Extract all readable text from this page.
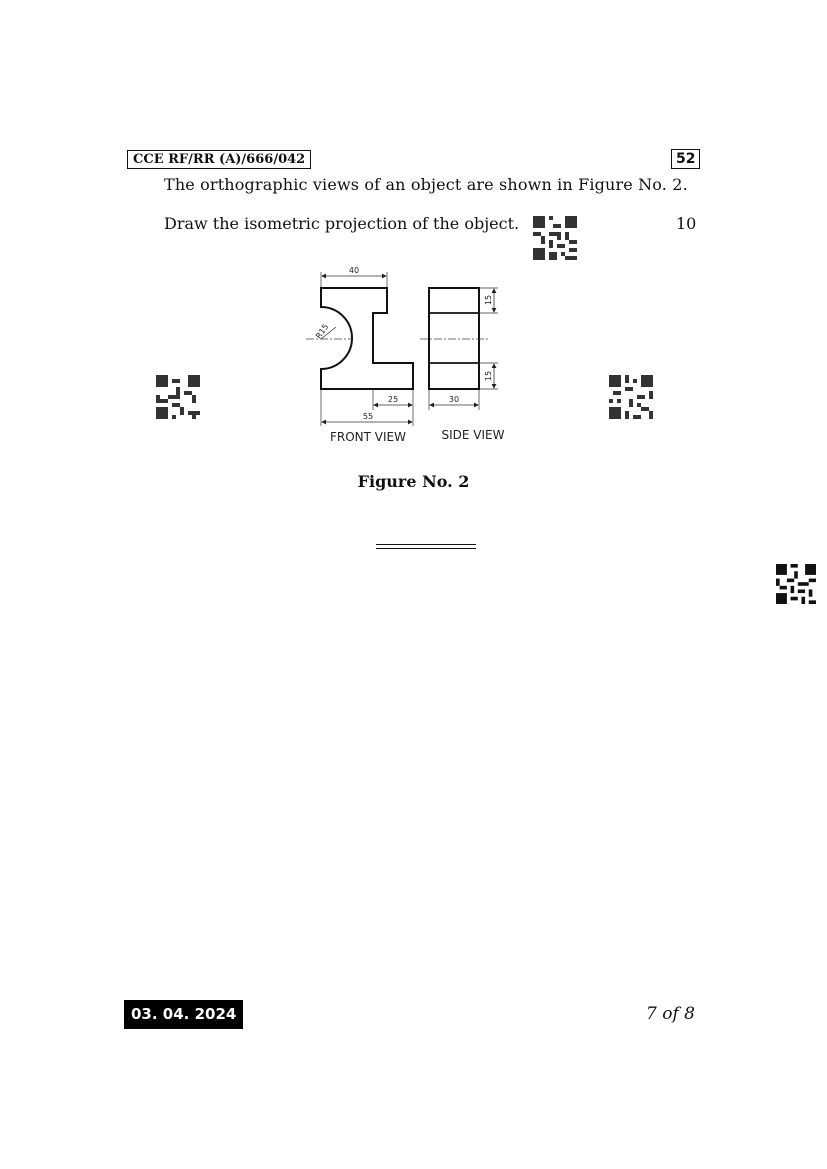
CCE RF/RR (A)/666/042	52
The orthographic views of an object are shown in Figure No. 2.
Draw the isometric projection of the object.	10
40
R15
25
55
30
15
15
FRONT VIEW	SIDE VIEW
Figure No. 2
03. 04. 2024	7 of 8
